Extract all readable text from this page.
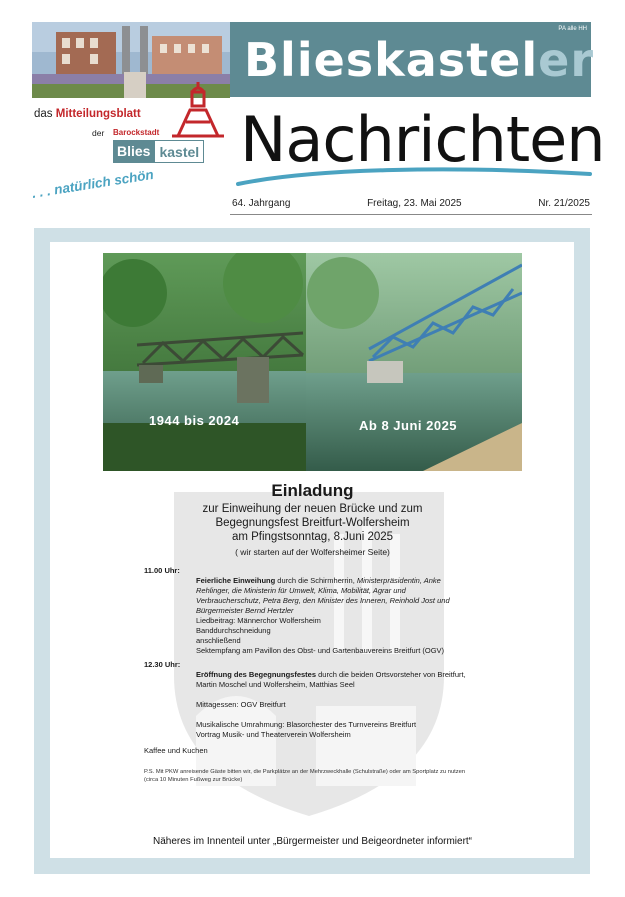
PA alle HH
Blieskasteler
Nachrichten
das Mitteilungsblatt
der Barockstadt
Blies kastel
. . . natürlich schön
64. Jahrgang	Freitag, 23. Mai 2025	Nr. 21/2025
1944 bis 2024	Ab 8 Juni 2025
Einladung
zur Einweihung der neuen Brücke und zum
Begegnungsfest Breitfurt-Wolfersheim
am Pfingstsonntag, 8.Juni 2025
( wir starten auf der Wolfersheimer Seite)
11.00 Uhr:

Feierliche Einweihung durch die Schirmherrin, Ministerpräsidentin, Anke Rehlinger, die Ministerin für Umwelt, Klima, Mobilität, Agrar und Verbraucherschutz, Petra Berg, den Minister des Inneren, Reinhold Jost und Bürgermeister Bernd Hertzler

Liedbeitrag: Männerchor Wolfersheim

Banddurchschneidung

anschließend

Sektempfang am Pavillon des Obst- und Gartenbauvereins Breitfurt (OGV)

12.30 Uhr:

Eröffnung des Begegnungsfestes durch die beiden Ortsvorsteher von Breitfurt, Martin Moschel und Wolfersheim, Matthias Seel

Mittagessen: OGV Breitfurt

Musikalische Umrahmung: Blasorchester des Turnvereins Breitfurt

Vortrag Musik- und Theaterverein Wolfersheim

Kaffee und Kuchen
P.S. Mit PKW anreisende Gäste bitten wir, die Parkplätze an der Mehrzweckhalle (Schulstraße) oder am Sportplatz zu nutzen (circa 10 Minuten Fußweg zur Brücke)
Näheres im Innenteil unter „Bürgermeister und Beigeordneter informiert“
